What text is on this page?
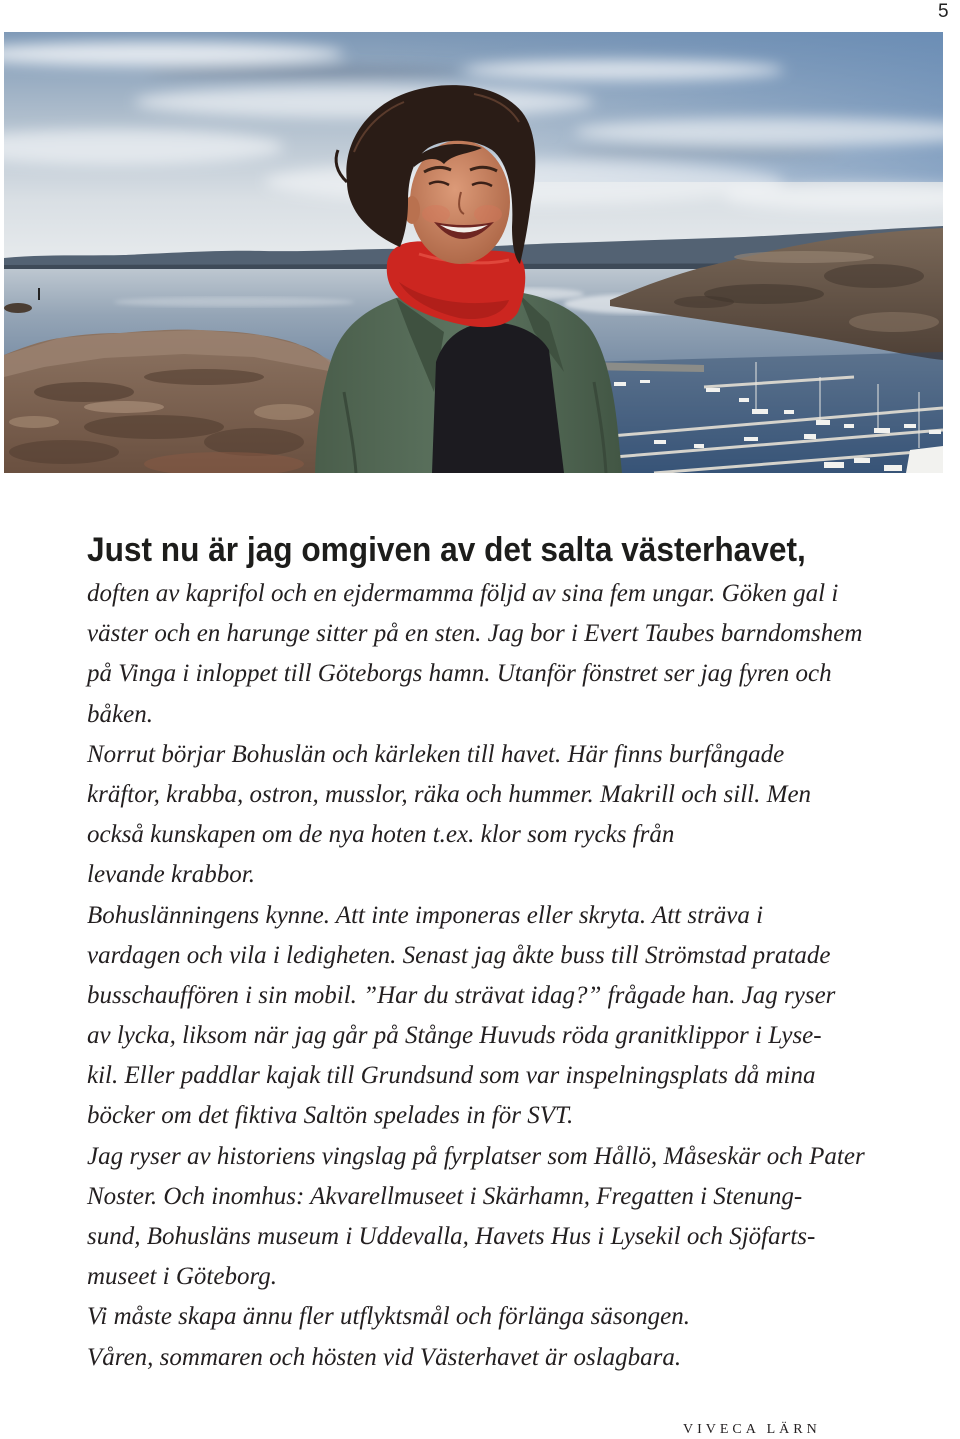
5
Just nu är jag omgiven av det salta västerhavet,
doften av kaprifol och en ejdermamma följd av sina fem ungar. Göken gal i
väster och en harunge sitter på en sten. Jag bor i Evert Taubes barndomshem
på Vinga i inloppet till Göteborgs hamn. Utanför fönstret ser jag fyren och
båken.
Norrut börjar Bohuslän och kärleken till havet. Här finns burfångade
kräftor, krabba, ostron, musslor, räka och hummer. Makrill och sill. Men
också kunskapen om de nya hoten t.ex. klor som rycks från
levande krabbor.
Bohuslänningens kynne. Att inte imponeras eller skryta. Att sträva i
vardagen och vila i ledigheten. Senast jag åkte buss till Strömstad pratade
busschauffören i sin mobil. ”Har du strävat idag?” frågade han. Jag ryser
av lycka, liksom när jag går på Stånge Huvuds röda granitklippor i Lyse-
kil. Eller paddlar kajak till Grundsund som var inspelningsplats då mina
böcker om det fiktiva Saltön spelades in för SVT.
Jag ryser av historiens vingslag på fyrplatser som Hållö, Måseskär och Pater
Noster. Och inomhus: Akvarellmuseet i Skärhamn, Fregatten i Stenung-
sund, Bohusläns museum i Uddevalla, Havets Hus i Lysekil och Sjöfarts-
museet i Göteborg.
Vi måste skapa ännu fler utflyktsmål och förlänga säsongen.
Våren, sommaren och hösten vid Västerhavet är oslagbara.
VIVECA LÄRN
